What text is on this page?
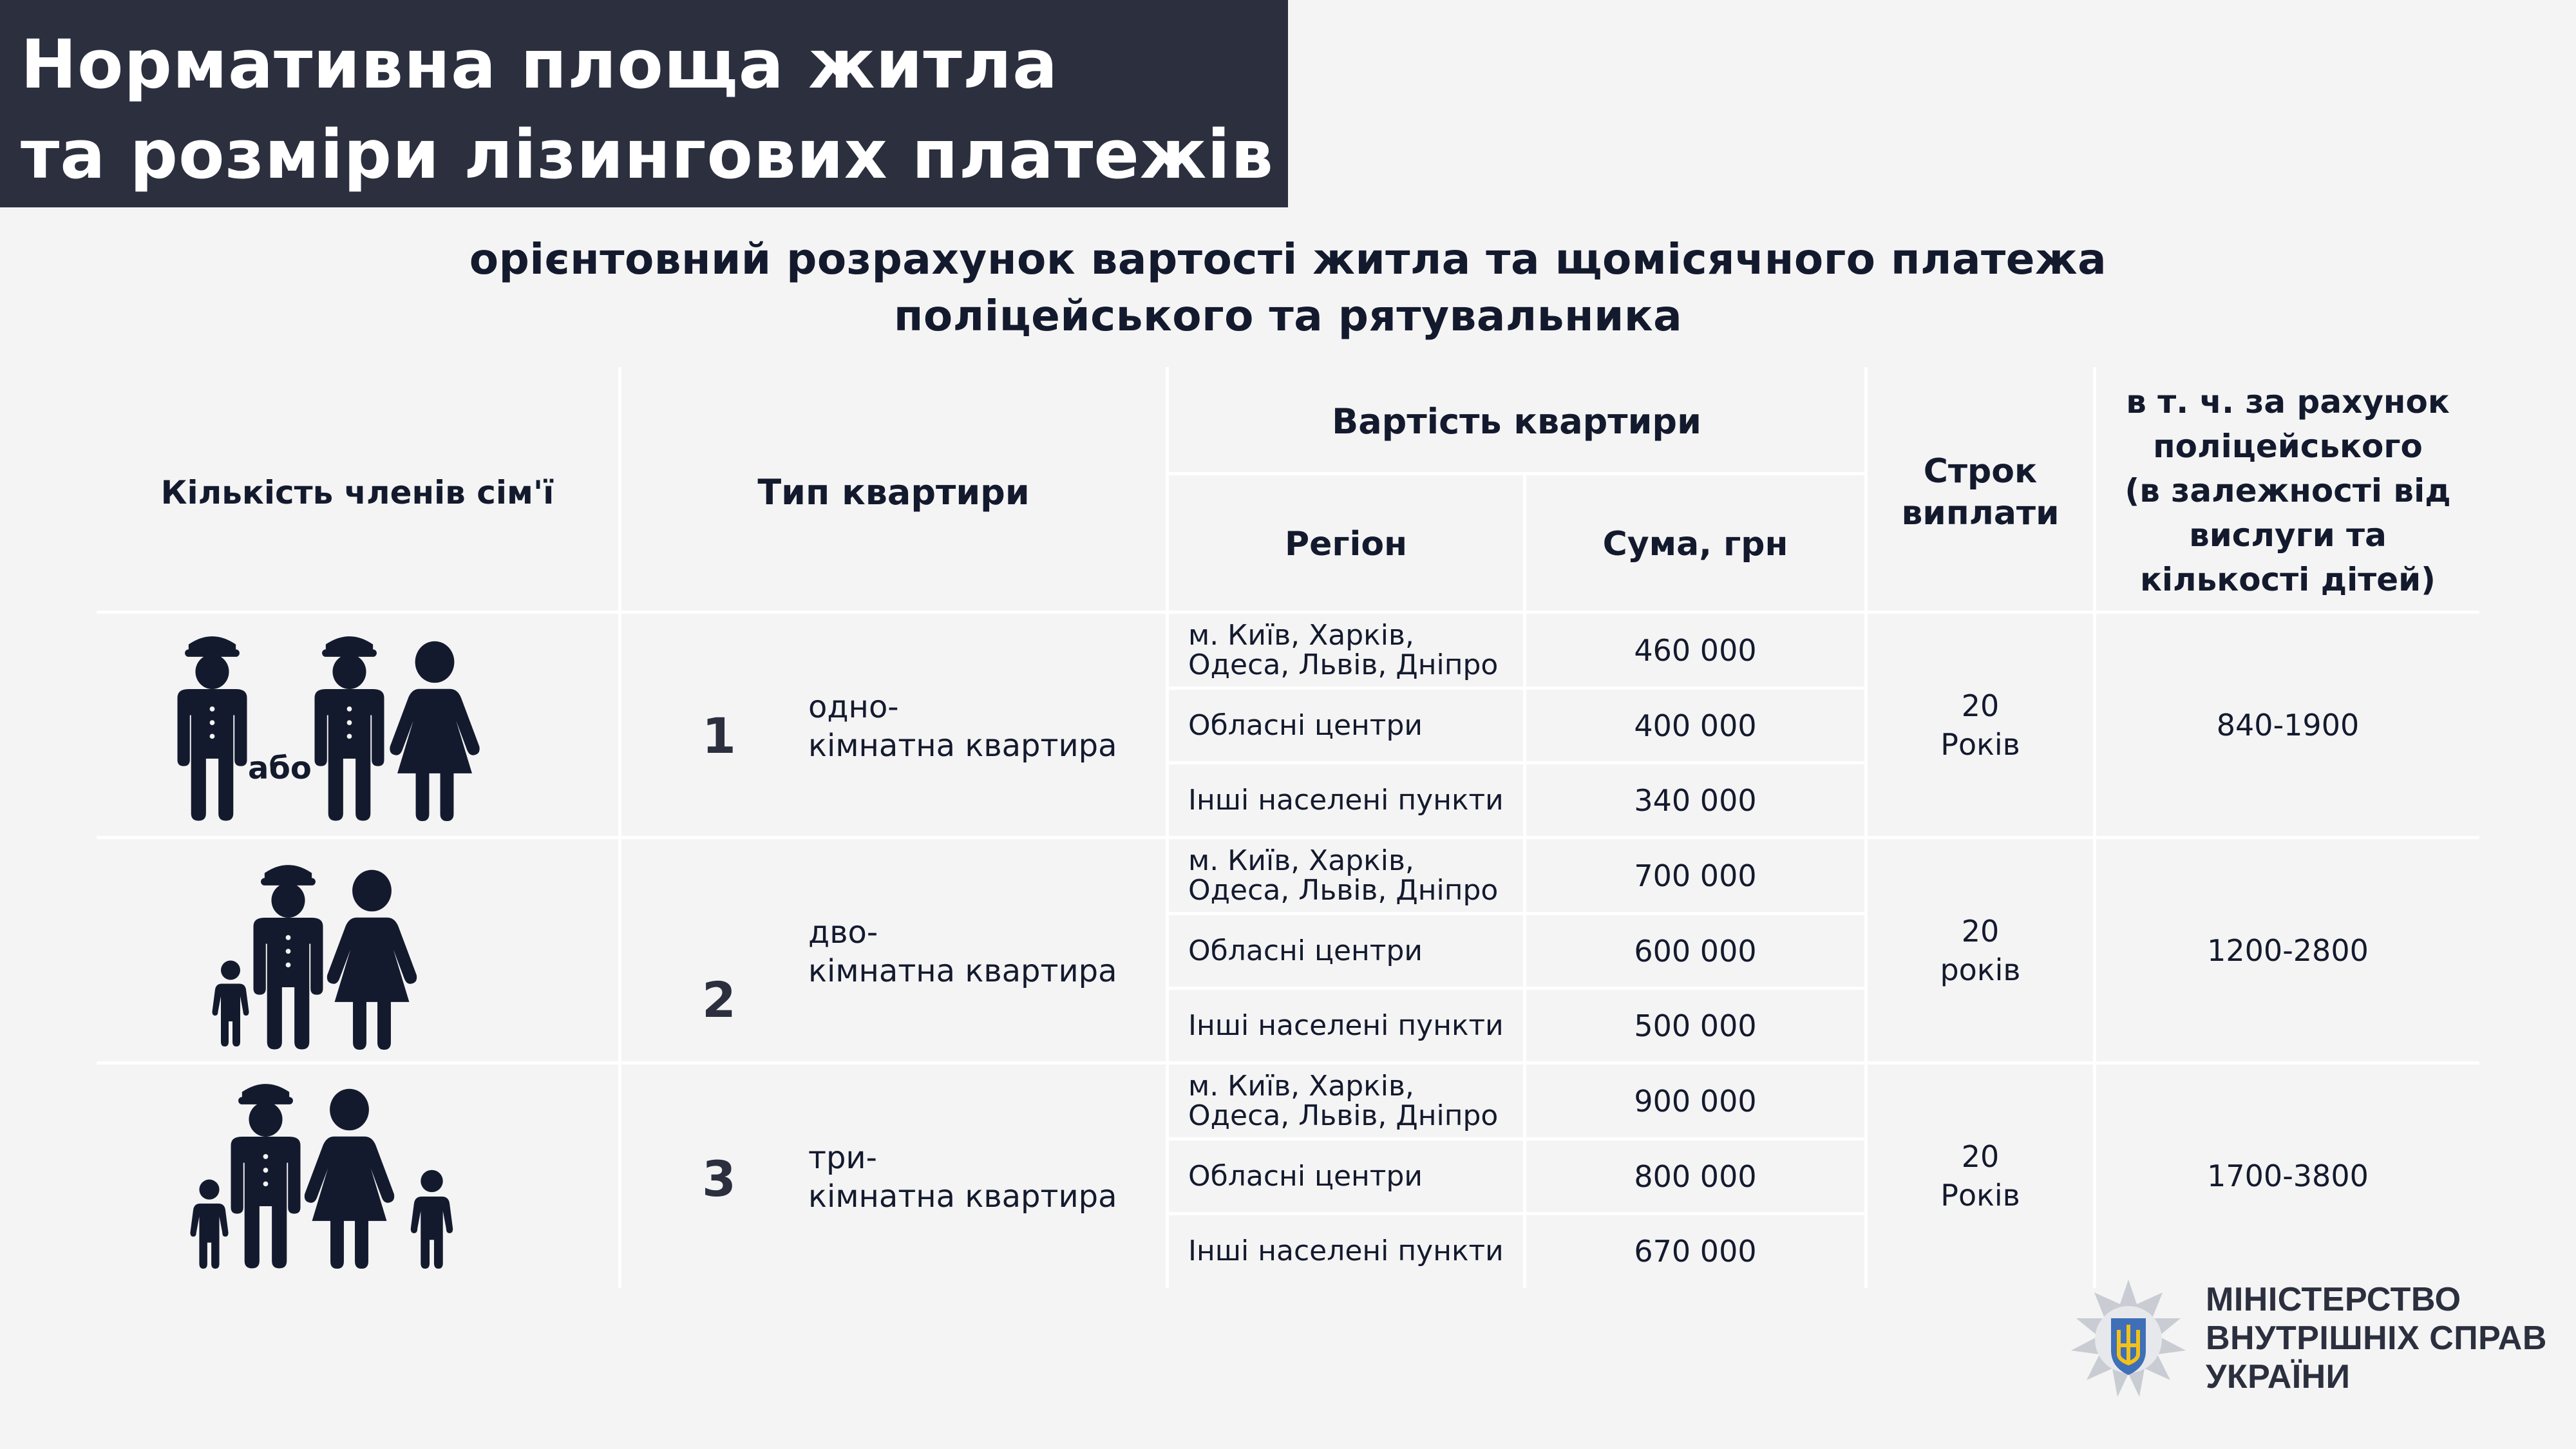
Нормативна площа житла
та розміри лізингових платежів
орієнтовний розрахунок вартості житла та щомісячного платежа
поліцейського та рятувальника
Кількість членів сім'ї	Тип квартири
Вартість квартири
Регіон	Сума, грн
Строк
виплати
в т. ч. за рахунок
поліцейського
(в залежності від
вислуги та
кількості дітей)
або
1 одно-
кімнатна квартира
м. Київ, Харків, Одеса, Львів, Дніпро
Обласні центри
Інші населені пункти
460 000
400 000
340 000
20
Років
840-1900
2
дво-
кімнатна квартира
м. Київ, Харків, Одеса, Львів, Дніпро
Обласні центри
Інші населені пункти
700 000
600 000
500 000
20
років
1200-2800
3 три-
кімнатна квартира
м. Київ, Харків, Одеса, Львів, Дніпро
Обласні центри
Інші населені пункти
900 000
800 000
670 000
20
Років
1700-3800
МІНІСТЕРСТВО
ВНУТРІШНІХ СПРАВ
УКРАЇНИ
